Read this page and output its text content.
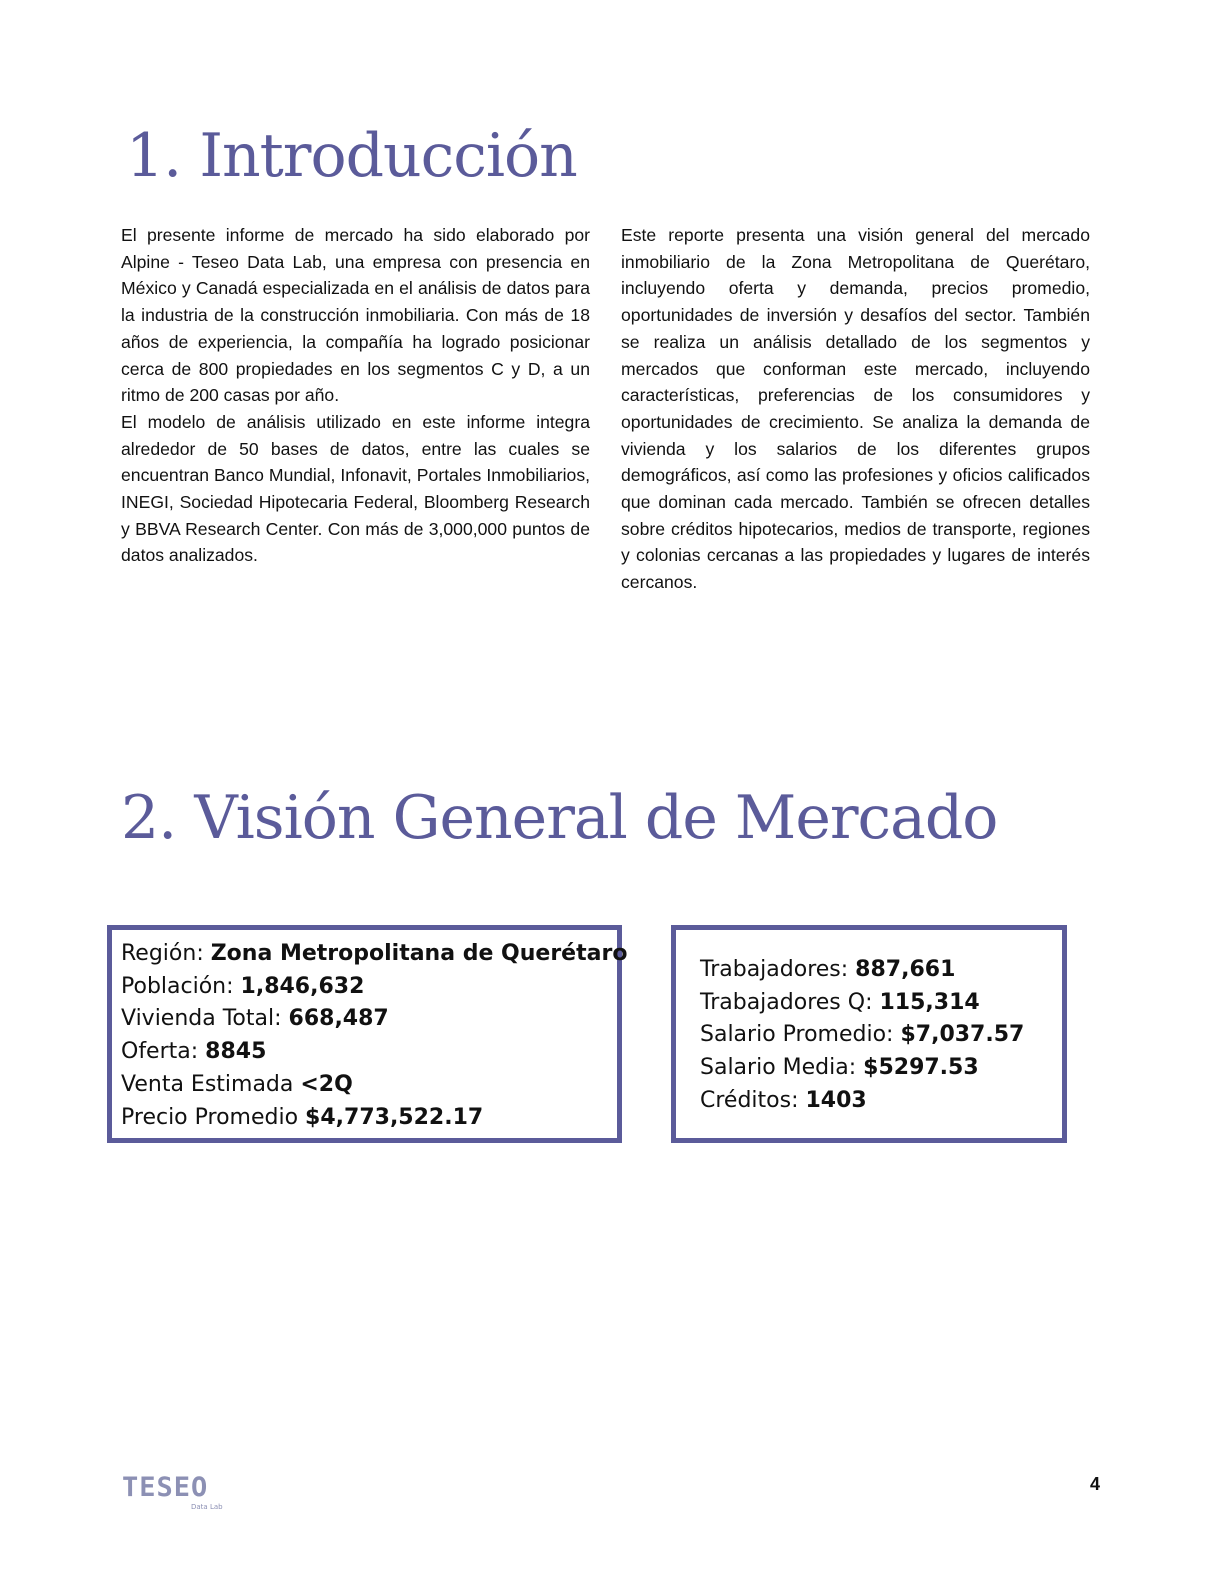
1. Introducción

El presente informe de mercado ha sido elaborado por Alpine - Teseo Data Lab, una empresa con presencia en México y Canadá especializada en el análisis de datos para la industria de la construcción inmobiliaria. Con más de 18 años de experiencia, la compañía ha logrado posicionar cerca de 800 propiedades en los segmentos C y D, a un ritmo de 200 casas por año.

El modelo de análisis utilizado en este informe integra alrededor de 50 bases de datos, entre las cuales se encuentran Banco Mundial, Infonavit, Portales Inmobiliarios, INEGI, Sociedad Hipotecaria Federal, Bloomberg Research y BBVA Research Center. Con más de 3,000,000 puntos de datos analizados.

Este reporte presenta una visión general del mercado inmobiliario de la Zona Metropolitana de Querétaro, incluyendo oferta y demanda, precios promedio, oportunidades de inversión y desafíos del sector. También se realiza un análisis detallado de los segmentos y mercados que conforman este mercado, incluyendo características, preferencias de los consumidores y oportunidades de crecimiento. Se analiza la demanda de vivienda y los salarios de los diferentes grupos demográficos, así como las profesiones y oficios calificados que dominan cada mercado. También se ofrecen detalles sobre créditos hipotecarios, medios de transporte, regiones y colonias cercanas a las propiedades y lugares de interés cercanos.

2. Visión General de Mercado
Región: Zona Metropolitana de Querétaro
Población: 1,846,632
Vivienda Total: 668,487
Oferta: 8845
Venta Estimada <2Q
Precio Promedio $4,773,522.17
Trabajadores: 887,661
Trabajadores Q: 115,314
Salario Promedio: $7,037.57
Salario Media: $5297.53
Créditos: 1403
TESEO
Data Lab
4
